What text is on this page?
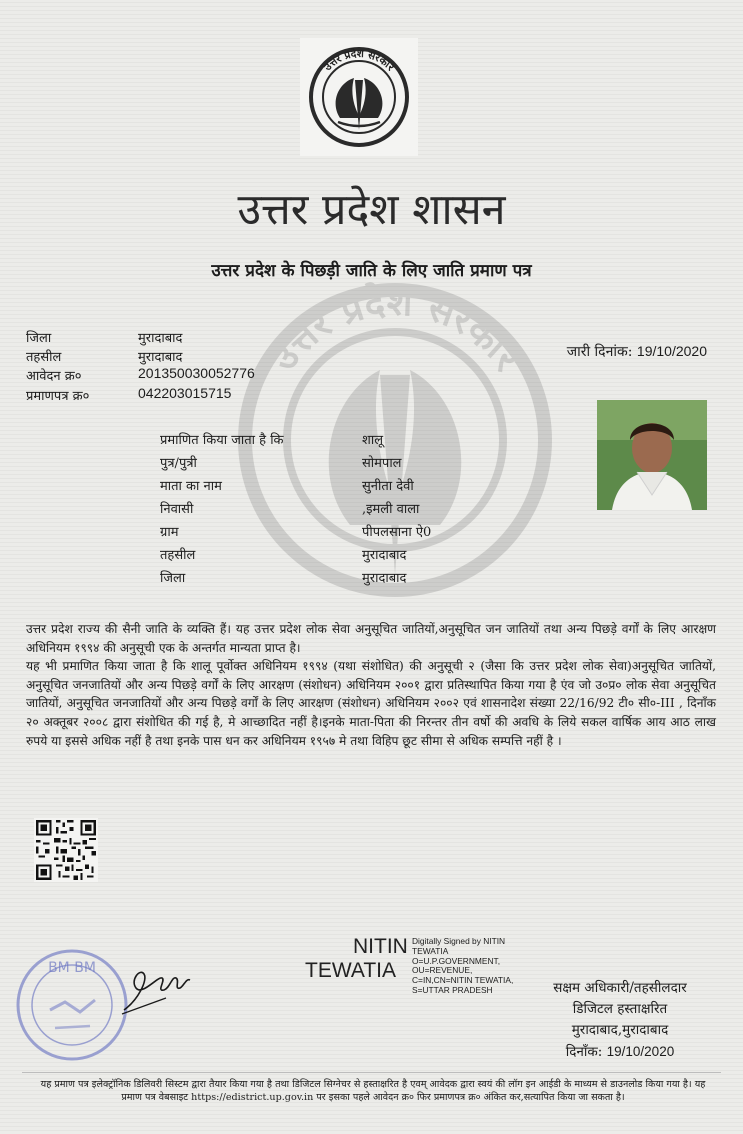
उत्तर प्रदेश सरकार
उत्तर प्रदेश सरकार
उत्तर प्रदेश शासन
उत्तर प्रदेश के पिछड़ी जाति के लिए जाति प्रमाण पत्र
जिला	मुरादाबाद
तहसील	मुरादाबाद
आवेदन क्र०	201350030052776
प्रमाणपत्र क्र०	042203015715
जारी दिनांक: 19/10/2020
प्रमाणित किया जाता है कि	शालू
पुत्र/पुत्री	सोमपाल
माता का नाम	सुनीता देवी
निवासी	,इमली वाला
ग्राम	पीपलसाना ऐ0
तहसील	मुरादाबाद
जिला	मुरादाबाद

उत्तर प्रदेश राज्य की सैनी जाति के व्यक्ति हैं। यह उत्तर प्रदेश लोक सेवा अनुसूचित जातियों,अनुसूचित जन जातियों तथा अन्य पिछड़े वर्गों के लिए आरक्षण अधिनियम १९९४ की अनुसूची एक के अन्तर्गत मान्यता प्राप्त है।

यह भी प्रमाणित किया जाता है कि शालू पूर्वोक्त अधिनियम १९९४ (यथा संशोधित) की अनुसूची २ (जैसा कि उत्तर प्रदेश लोक सेवा)अनुसूचित जातियों, अनुसूचित जनजातियों और अन्य पिछड़े वर्गों के लिए आरक्षण (संशोधन) अधिनियम २००१ द्वारा प्रतिस्थापित किया गया है एंव जो उ०प्र० लोक सेवा अनुसूचित जातियों, अनुसूचित जनजातियों और अन्य पिछड़े वर्गों के लिए आरक्षण (संशोधन) अधिनियम २००२ एवं शासनादेश संख्या 22/16/92 टी० सी०-III , दिनाँक २० अक्तूबर २००८ द्वारा संशोधित की गई है, मे आच्छादित नहीं है।इनके माता-पिता की निरन्तर तीन वर्षो की अवधि के लिये सकल वार्षिक आय आठ लाख रुपये या इससे अधिक नहीं है तथा इनके पास धन कर अधिनियम १९५७ मे तथा विहिप छूट सीमा से अधिक सम्पत्ति नहीं है ।

BM BM
NITIN
TEWATIA
Digitally Signed by NITIN TEWATIA O=U.P.GOVERNMENT, OU=REVENUE, C=IN,CN=NITIN TEWATIA, S=UTTAR PRADESH	सक्षम अधिकारी/तहसीलदार
डिजिटल हस्ताक्षरित
मुरादाबाद,मुरादाबाद
दिनाँक: 19/10/2020
यह प्रमाण पत्र इलेक्ट्रॉनिक डिलिवरी सिस्टम द्वारा तैयार किया गया है तथा डिजिटल सिग्नेचर से हस्ताक्षरित है एवम् आवेदक द्वारा स्वयं की लॉग इन आईडी के माध्यम से डाउनलोड किया गया है। यह प्रमाण पत्र वेबसाइट https://edistrict.up.gov.in पर इसका पहले आवेदन क्र० फिर प्रमाणपत्र क्र० अंकित कर,सत्यापित किया जा सकता है।
